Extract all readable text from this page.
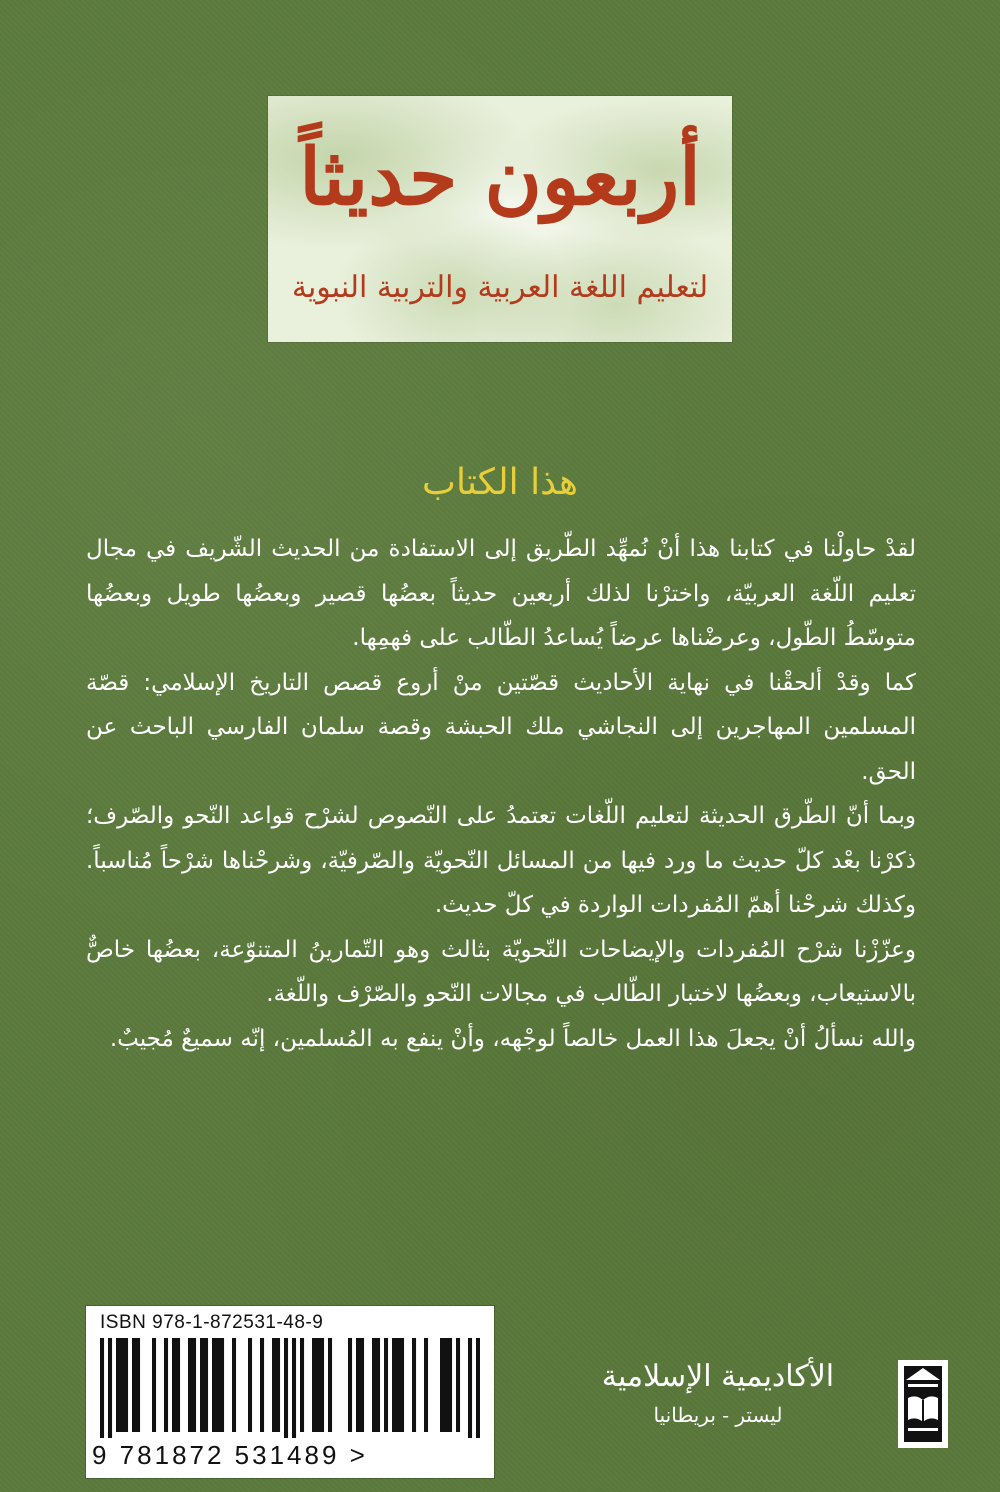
أربعون حديثاً
لتعليم اللغة العربية والتربية النبوية
هذا الكتاب

لقدْ حاولْنا في كتابنا هذا أنْ نُمهِّد الطّريق إلى الاستفادة من الحديث الشّريف في مجال تعليم اللّغة العربيّة، واخترْنا لذلك أربعين حديثاً بعضُها قصير وبعضُها طويل وبعضُها متوسّطُ الطّول، وعرضْناها عرضاً يُساعدُ الطّالب على فهمِها.

كما وقدْ ألحقْنا في نهاية الأحاديث قصّتين منْ أروع قصص التاريخ الإسلامي: قصّة المسلمين المهاجرين إلى النجاشي ملك الحبشة وقصة سلمان الفارسي الباحث عن الحق.

وبما أنّ الطّرق الحديثة لتعليم اللّغات تعتمدُ على النّصوص لشرْح قواعد النّحو والصّرف؛ ذكرْنا بعْد كلّ حديث ما ورد فيها من المسائل النّحويّة والصّرفيّة، وشرحْناها شرْحاً مُناسباً. وكذلك شرحْنا أهمّ المُفردات الواردة في كلّ حديث.

وعزّزْنا شرْح المُفردات والإيضاحات النّحويّة بثالث وهو التّمارينُ المتنوّعة، بعضُها خاصٌّ بالاستيعاب، وبعضُها لاختبار الطّالب في مجالات النّحو والصّرْف واللّغة.

والله نسألُ أنْ يجعلَ هذا العمل خالصاً لوجْهه، وأنْ ينفع به المُسلمين، إنّه سميعٌ مُجيبٌ.

ISBN 978-1-872531-48-9
9 781872 531489 >
الأكاديمية الإسلامية
ليستر - بريطانيا
